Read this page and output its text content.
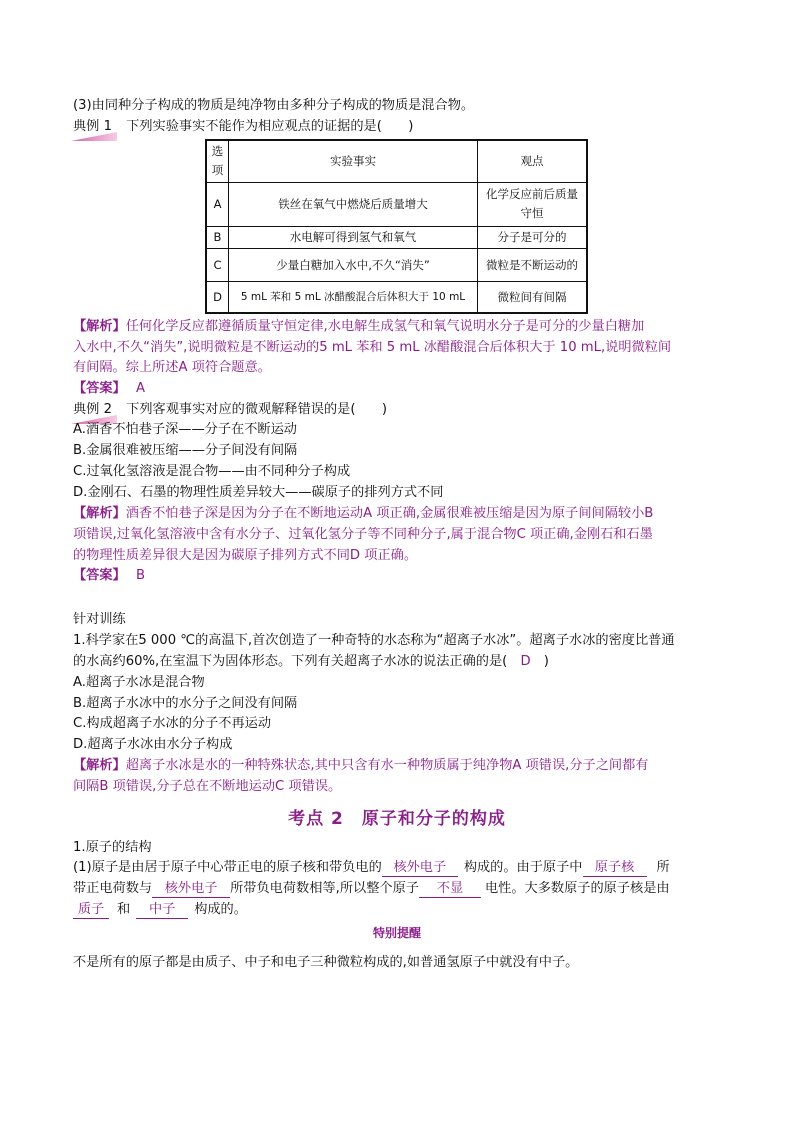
(3)由同种分子构成的物质是纯净物由多种分子构成的物质是混合物。
典例 1 下列实验事实不能作为相应观点的证据的是(　　)
选项	实验事实	观点
A	铁丝在氧气中燃烧后质量增大	化学反应前后质量守恒
B	水电解可得到氢气和氧气	分子是可分的
C	少量白糖加入水中,不久“消失”	微粒是不断运动的
D	5 mL 苯和 5 mL 冰醋酸混合后体积大于 10 mL	微粒间有间隔
【解析】任何化学反应都遵循质量守恒定律,水电解生成氢气和氧气说明水分子是可分的少量白糖加
入水中,不久“消失”,说明微粒是不断运动的5 mL 苯和 5 mL 冰醋酸混合后体积大于 10 mL,说明微粒间
有间隔。综上所述A 项符合题意。
【答案】 A
典例 2 下列客观事实对应的微观解释错误的是(　　)
A.酒香不怕巷子深——分子在不断运动
B.金属很难被压缩——分子间没有间隔
C.过氧化氢溶液是混合物——由不同种分子构成
D.金刚石、石墨的物理性质差异较大——碳原子的排列方式不同
【解析】酒香不怕巷子深是因为分子在不断地运动A 项正确,金属很难被压缩是因为原子间间隔较小B
项错误,过氧化氢溶液中含有水分子、过氧化氢分子等不同种分子,属于混合物C 项正确,金刚石和石墨
的物理性质差异很大是因为碳原子排列方式不同D 项正确。
【答案】 B
针对训练
1.科学家在5 000 ℃的高温下,首次创造了一种奇特的水态称为“超离子水冰”。超离子水冰的密度比普通
的水高约60%,在室温下为固体形态。下列有关超离子水冰的说法正确的是(　D　)
A.超离子水冰是混合物
B.超离子水冰中的水分子之间没有间隔
C.构成超离子水冰的分子不再运动
D.超离子水冰由水分子构成
【解析】超离子水冰是水的一种特殊状态,其中只含有水一种物质属于纯净物A 项错误,分子之间都有
间隔B 项错误,分子总在不断地运动C 项错误。
考点 2　原子和分子的构成
1.原子的结构
(1)原子是由居于原子中心带正电的原子核和带负电的 核外电子 构成的。由于原子中 原子核 所
带正电荷数与 核外电子 所带负电荷数相等,所以整个原子 不显 电性。大多数原子的原子核是由
质子 和 中子 构成的。
特别提醒
不是所有的原子都是由质子、中子和电子三种微粒构成的,如普通氢原子中就没有中子。
